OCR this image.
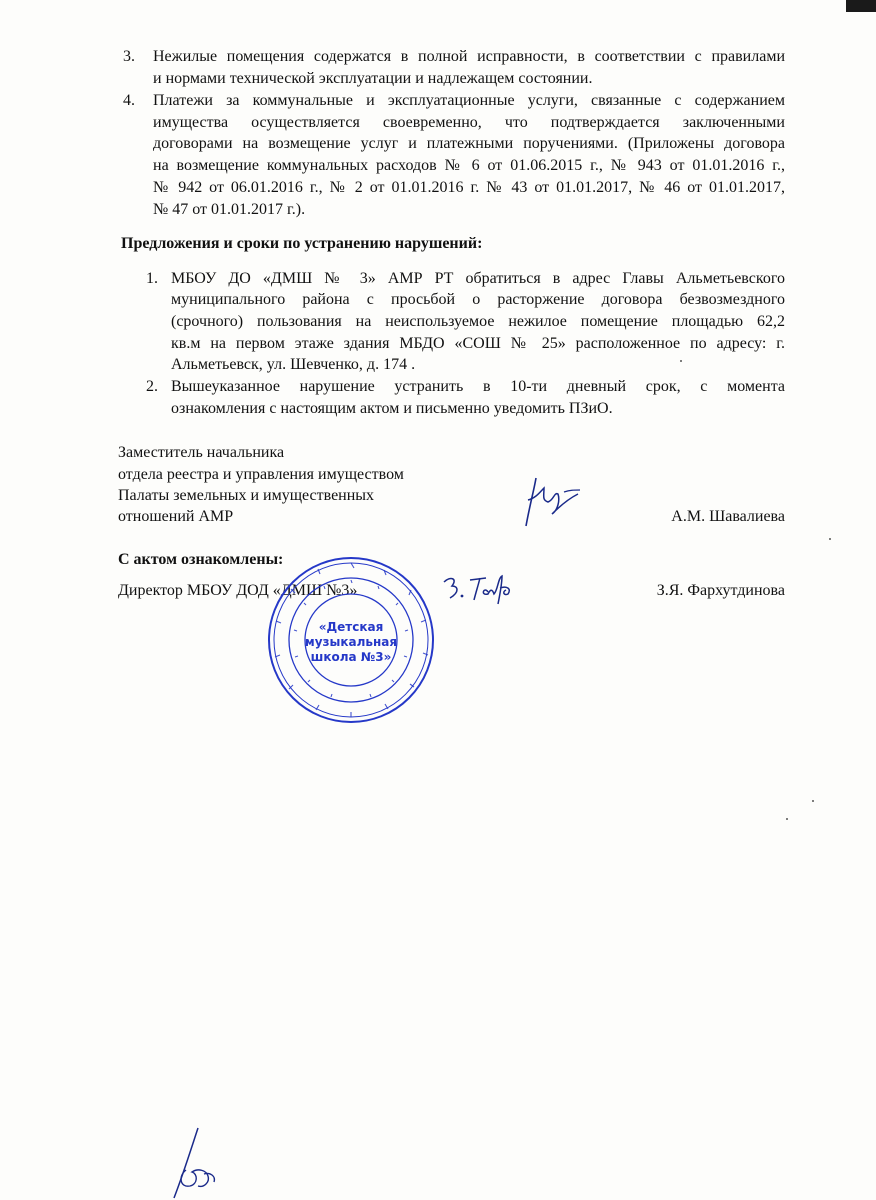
3. Нежилые помещения содержатся в полной исправности, в соответствии с правилами
и нормами технической эксплуатации и надлежащем состоянии.
4. Платежи за коммунальные и эксплуатационные услуги, связанные с содержанием
имущества осуществляется своевременно, что подтверждается заключенными
договорами на возмещение услуг и платежными поручениями. (Приложены договора
на возмещение коммунальных расходов № 6 от 01.06.2015 г., № 943 от 01.01.2016 г.,
№ 942 от 06.01.2016 г., № 2 от 01.01.2016 г. № 43 от 01.01.2017, № 46 от 01.01.2017,
№ 47 от 01.01.2017 г.).
Предложения и сроки по устранению нарушений:
1. МБОУ ДО «ДМШ № 3» АМР РТ обратиться в адрес Главы Альметьевского
муниципального района с просьбой о расторжение договора безвозмездного
(срочного) пользования на неиспользуемое нежилое помещение площадью 62,2
кв.м на первом этаже здания МБДО «СОШ № 25» расположенное по адресу: г.
Альметьевск, ул. Шевченко, д. 174 .
2. Вышеуказанное нарушение устранить в 10-ти дневный срок, с момента
ознакомления с настоящим актом и письменно уведомить ПЗиО.
Заместитель начальника
отдела реестра и управления имуществом
Палаты земельных и имущественных
отношений АМР	А.М. Шавалиева
С актом ознакомлены:
Директор МБОУ ДОД «ДМШ №3»	З.Я. Фархутдинова
«Детская
музыкальная
школа №3»
